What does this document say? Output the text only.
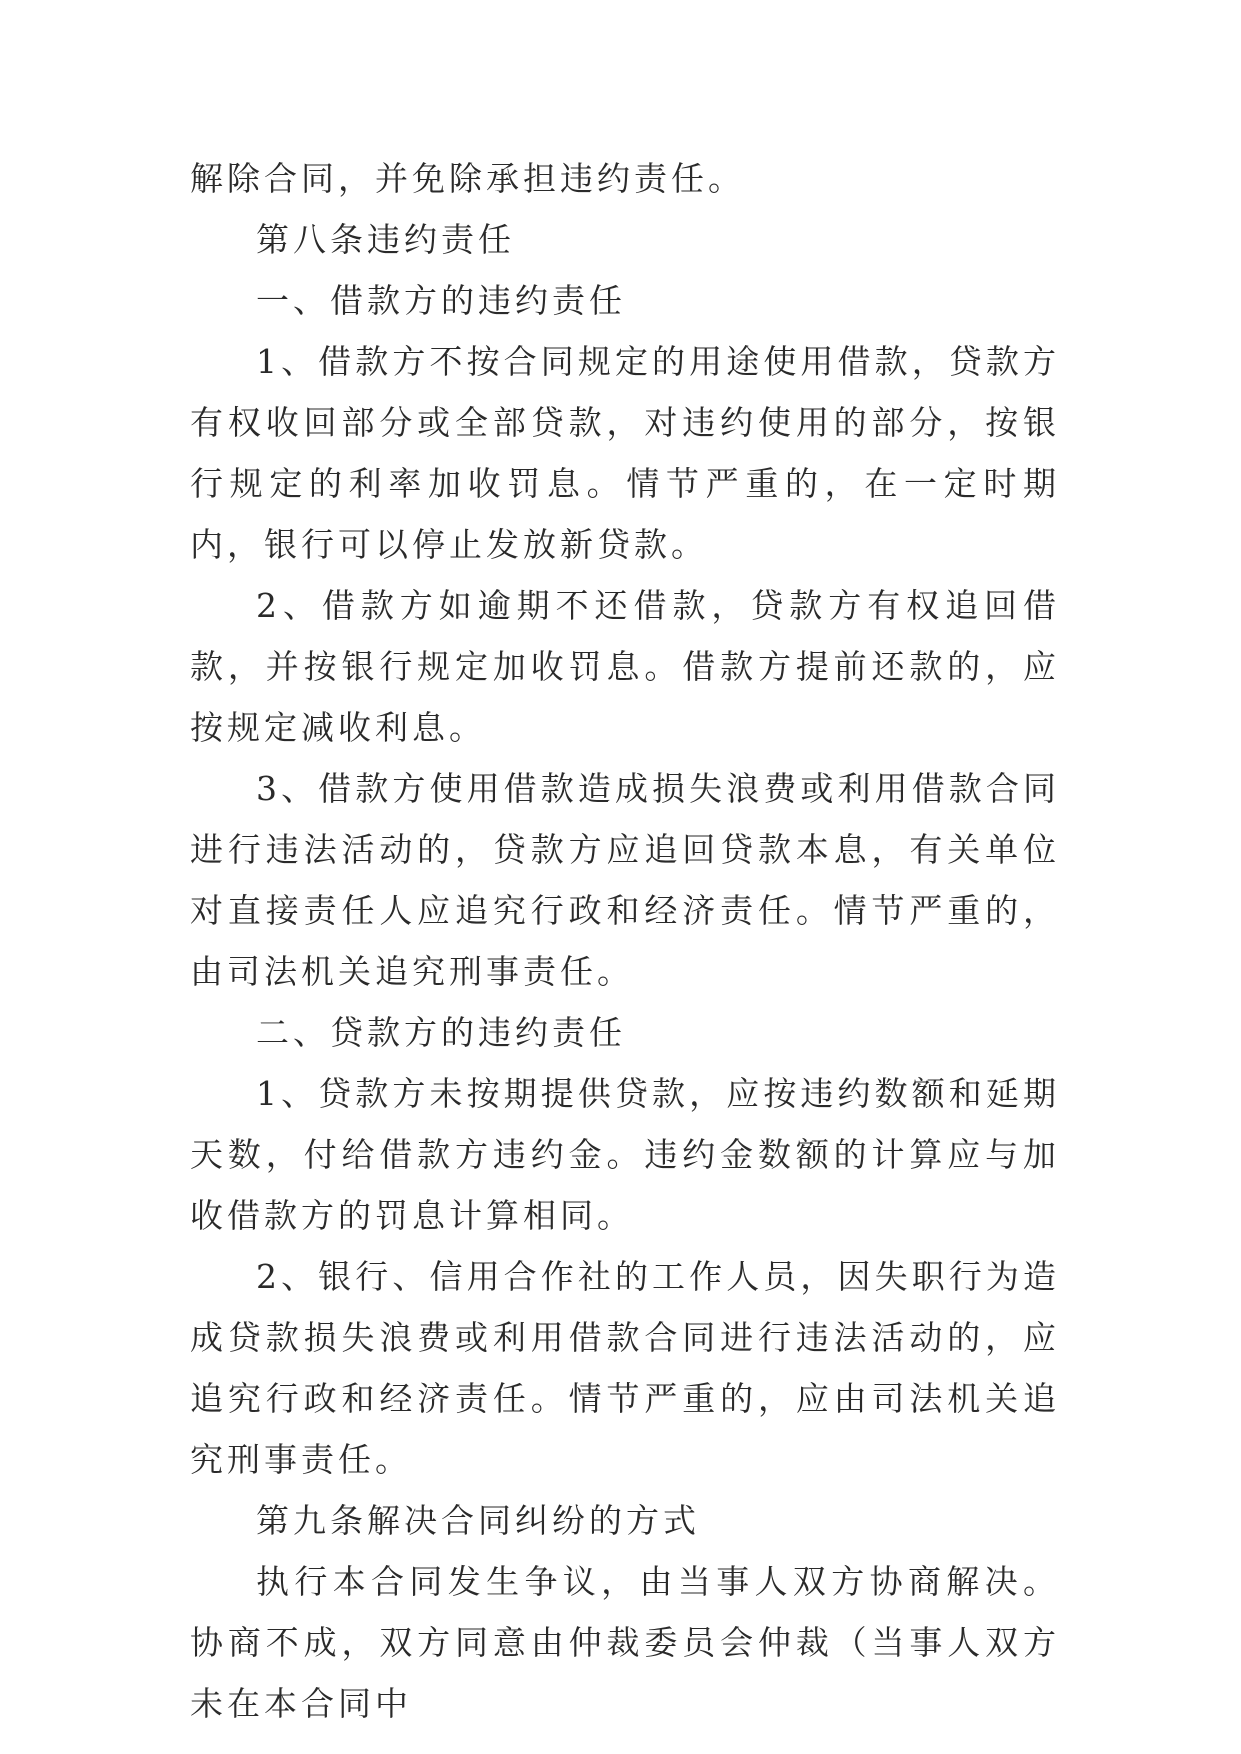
解除合同，并免除承担违约责任。

第八条违约责任

一、借款方的违约责任

1、借款方不按合同规定的用途使用借款，贷款方有权收回部分或全部贷款，对违约使用的部分，按银行规定的利率加收罚息。情节严重的，在一定时期内，银行可以停止发放新贷款。

2、借款方如逾期不还借款，贷款方有权追回借款，并按银行规定加收罚息。借款方提前还款的，应按规定减收利息。

3、借款方使用借款造成损失浪费或利用借款合同进行违法活动的，贷款方应追回贷款本息，有关单位对直接责任人应追究行政和经济责任。情节严重的，由司法机关追究刑事责任。

二、贷款方的违约责任

1、贷款方未按期提供贷款，应按违约数额和延期天数，付给借款方违约金。违约金数额的计算应与加收借款方的罚息计算相同。

2、银行、信用合作社的工作人员，因失职行为造成贷款损失浪费或利用借款合同进行违法活动的，应追究行政和经济责任。情节严重的，应由司法机关追究刑事责任。

第九条解决合同纠纷的方式

执行本合同发生争议，由当事人双方协商解决。协商不成，双方同意由仲裁委员会仲裁（当事人双方未在本合同中
